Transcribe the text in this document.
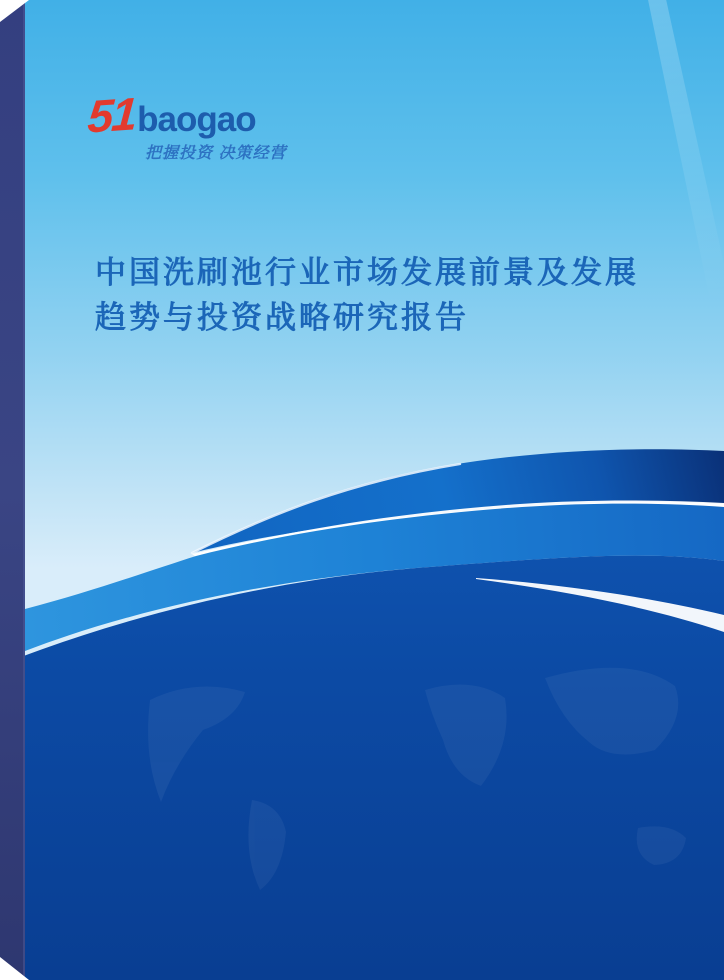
51 baogao
把握投资 决策经营
中国洗刷池行业市场发展前景及发展
趋势与投资战略研究报告
